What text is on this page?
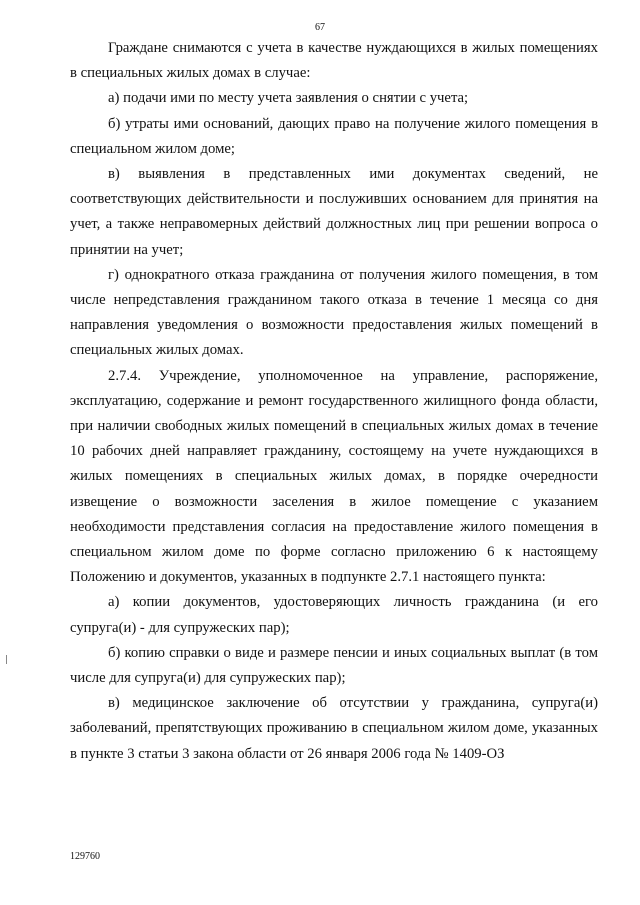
67

Граждане снимаются с учета в качестве нуждающихся в жилых помещениях в специальных жилых домах в случае:

а) подачи ими по месту учета заявления о снятии с учета;

б) утраты ими оснований, дающих право на получение жилого помещения в специальном жилом доме;

в) выявления в представленных ими документах сведений, не соответствующих действительности и послуживших основанием для принятия на учет, а также неправомерных действий должностных лиц при решении вопроса о принятии на учет;

г) однократного отказа гражданина от получения жилого помещения, в том числе непредставления гражданином такого отказа в течение 1 месяца со дня направления уведомления о возможности предоставления жилых помещений в специальных жилых домах.

2.7.4. Учреждение, уполномоченное на управление, распоряжение, эксплуатацию, содержание и ремонт государственного жилищного фонда области, при наличии свободных жилых помещений в специальных жилых домах в течение 10 рабочих дней направляет гражданину, состоящему на учете нуждающихся в жилых помещениях в специальных жилых домах, в порядке очередности извещение о возможности заселения в жилое помещение с указанием необходимости представления согласия на предоставление жилого помещения в специальном жилом доме по форме согласно приложению 6 к настоящему Положению и документов, указанных в подпункте 2.7.1 настоящего пункта:

а) копии документов, удостоверяющих личность гражданина (и его супруга(и) - для супружеских пар);

б) копию справки о виде и размере пенсии и иных социальных выплат (в том числе для супруга(и) для супружеских пар);

в) медицинское заключение об отсутствии у гражданина, супруга(и) заболеваний, препятствующих проживанию в специальном жилом доме, указанных в пункте 3 статьи 3 закона области от 26 января 2006 года № 1409-ОЗ

129760
